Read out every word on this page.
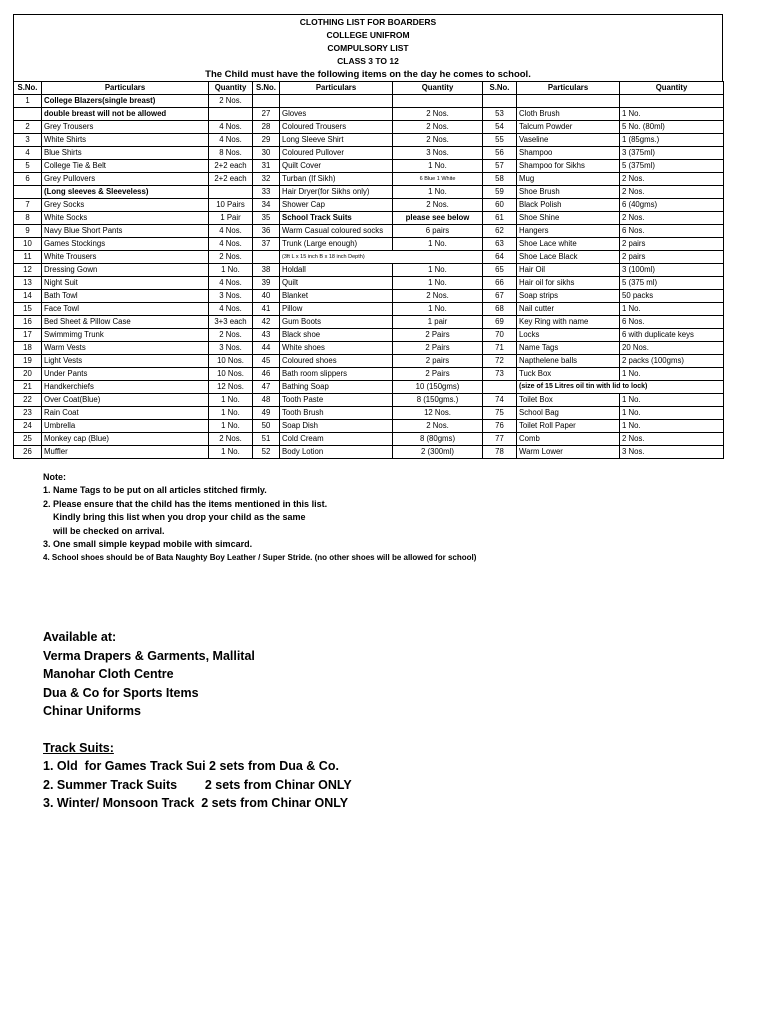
CLOTHING LIST FOR BOARDERS
COLLEGE UNIFROM
COMPULSORY LIST
CLASS 3 TO 12
The Child must have the following items on the day he comes to school.
S.No.	Particulars	Quantity	S.No.	Particulars	Quantity	S.No.	Particulars	Quantity
1	College Blazers(single breast)	2 Nos.						
	double breast will not be allowed		27	Gloves	2 Nos.	53	Cloth Brush	1 No.
2	Grey Trousers	4 Nos.	28	Coloured Trousers	2 Nos.	54	Talcum Powder	5 No. (80ml)
3	White Shirts	4 Nos.	29	Long Sleeve Shirt	2 Nos.	55	Vaseline	1 (85gms.)
4	Blue Shirts	8 Nos.	30	Coloured Pullover	3 Nos.	56	Shampoo	3 (375ml)
5	College Tie & Belt	2+2 each	31	Quilt Cover	1 No.	57	Shampoo for Sikhs	5 (375ml)
6	Grey Pullovers	2+2 each	32	Turban (If Sikh)	6 Blue 1 White	58	Mug	2 Nos.
	(Long sleeves & Sleeveless)		33	Hair Dryer(for Sikhs only)	1 No.	59	Shoe Brush	2 Nos.
7	Grey Socks	10 Pairs	34	Shower Cap	2 Nos.	60	Black Polish	6 (40gms)
8	White Socks	1 Pair	35	School Track Suits	please see below	61	Shoe Shine	2 Nos.
9	Navy Blue Short Pants	4 Nos.	36	Warm Casual coloured socks	6 pairs	62	Hangers	6 Nos.
10	Games Stockings	4 Nos.	37	Trunk (Large enough)	1 No.	63	Shoe Lace white	2 pairs
11	White Trousers	2 Nos.		(3ft L x 15 inch B x 18 inch Depth)		64	Shoe Lace Black	2 pairs
12	Dressing Gown	1 No.	38	Holdall	1 No.	65	Hair Oil	3 (100ml)
13	Night Suit	4 Nos.	39	Quilt	1 No.	66	Hair oil for sikhs	5 (375 ml)
14	Bath Towl	3 Nos.	40	Blanket	2 Nos.	67	Soap strips	50 packs
15	Face Towl	4 Nos.	41	Pillow	1 No.	68	Nail cutter	1 No.
16	Bed Sheet & Pillow Case	3+3 each	42	Gum Boots	1 pair	69	Key Ring with name	6 Nos.
17	Swimmimg Trunk	2 Nos.	43	Black shoe	2 Pairs	70	Locks	6 with duplicate keys
18	Warm Vests	3 Nos.	44	White shoes	2 Pairs	71	Name Tags	20 Nos.
19	Light Vests	10 Nos.	45	Coloured shoes	2 pairs	72	Napthelene balls	2 packs (100gms)
20	Under Pants	10 Nos.	46	Bath room slippers	2 Pairs	73	Tuck Box	1 No.
21	Handkerchiefs	12 Nos.	47	Bathing Soap	10 (150gms)		(size of 15 Litres oil tin with lid to lock)	
22	Over Coat(Blue)	1 No.	48	Tooth Paste	8 (150gms.)	74	Toilet Box	1 No.
23	Rain Coat	1 No.	49	Tooth Brush	12 Nos.	75	School Bag	1 No.
24	Umbrella	1 No.	50	Soap Dish	2 Nos.	76	Toilet Roll Paper	1 No.
25	Monkey cap (Blue)	2 Nos.	51	Cold Cream	8 (80gms)	77	Comb	2 Nos.
26	Muffler	1 No.	52	Body Lotion	2 (300ml)	78	Warm Lower	3 Nos.
Note:
1. Name Tags to be put on all articles stitched firmly.
2. Please ensure that the child has the items mentioned in this list.
Kindly bring this list when you drop your child as the same
will be checked on arrival.
3. One small simple keypad mobile with simcard.
4. School shoes should be of Bata Naughty Boy Leather / Super Stride. (no other shoes will be allowed for school)
Available at:
Verma Drapers & Garments, Mallital
Manohar Cloth Centre
Dua & Co for Sports Items
Chinar Uniforms
Track Suits:
1. Old  for Games Track Sui 2 sets from Dua & Co.
2. Summer Track Suits        2 sets from Chinar ONLY
3. Winter/ Monsoon Track  2 sets from Chinar ONLY
